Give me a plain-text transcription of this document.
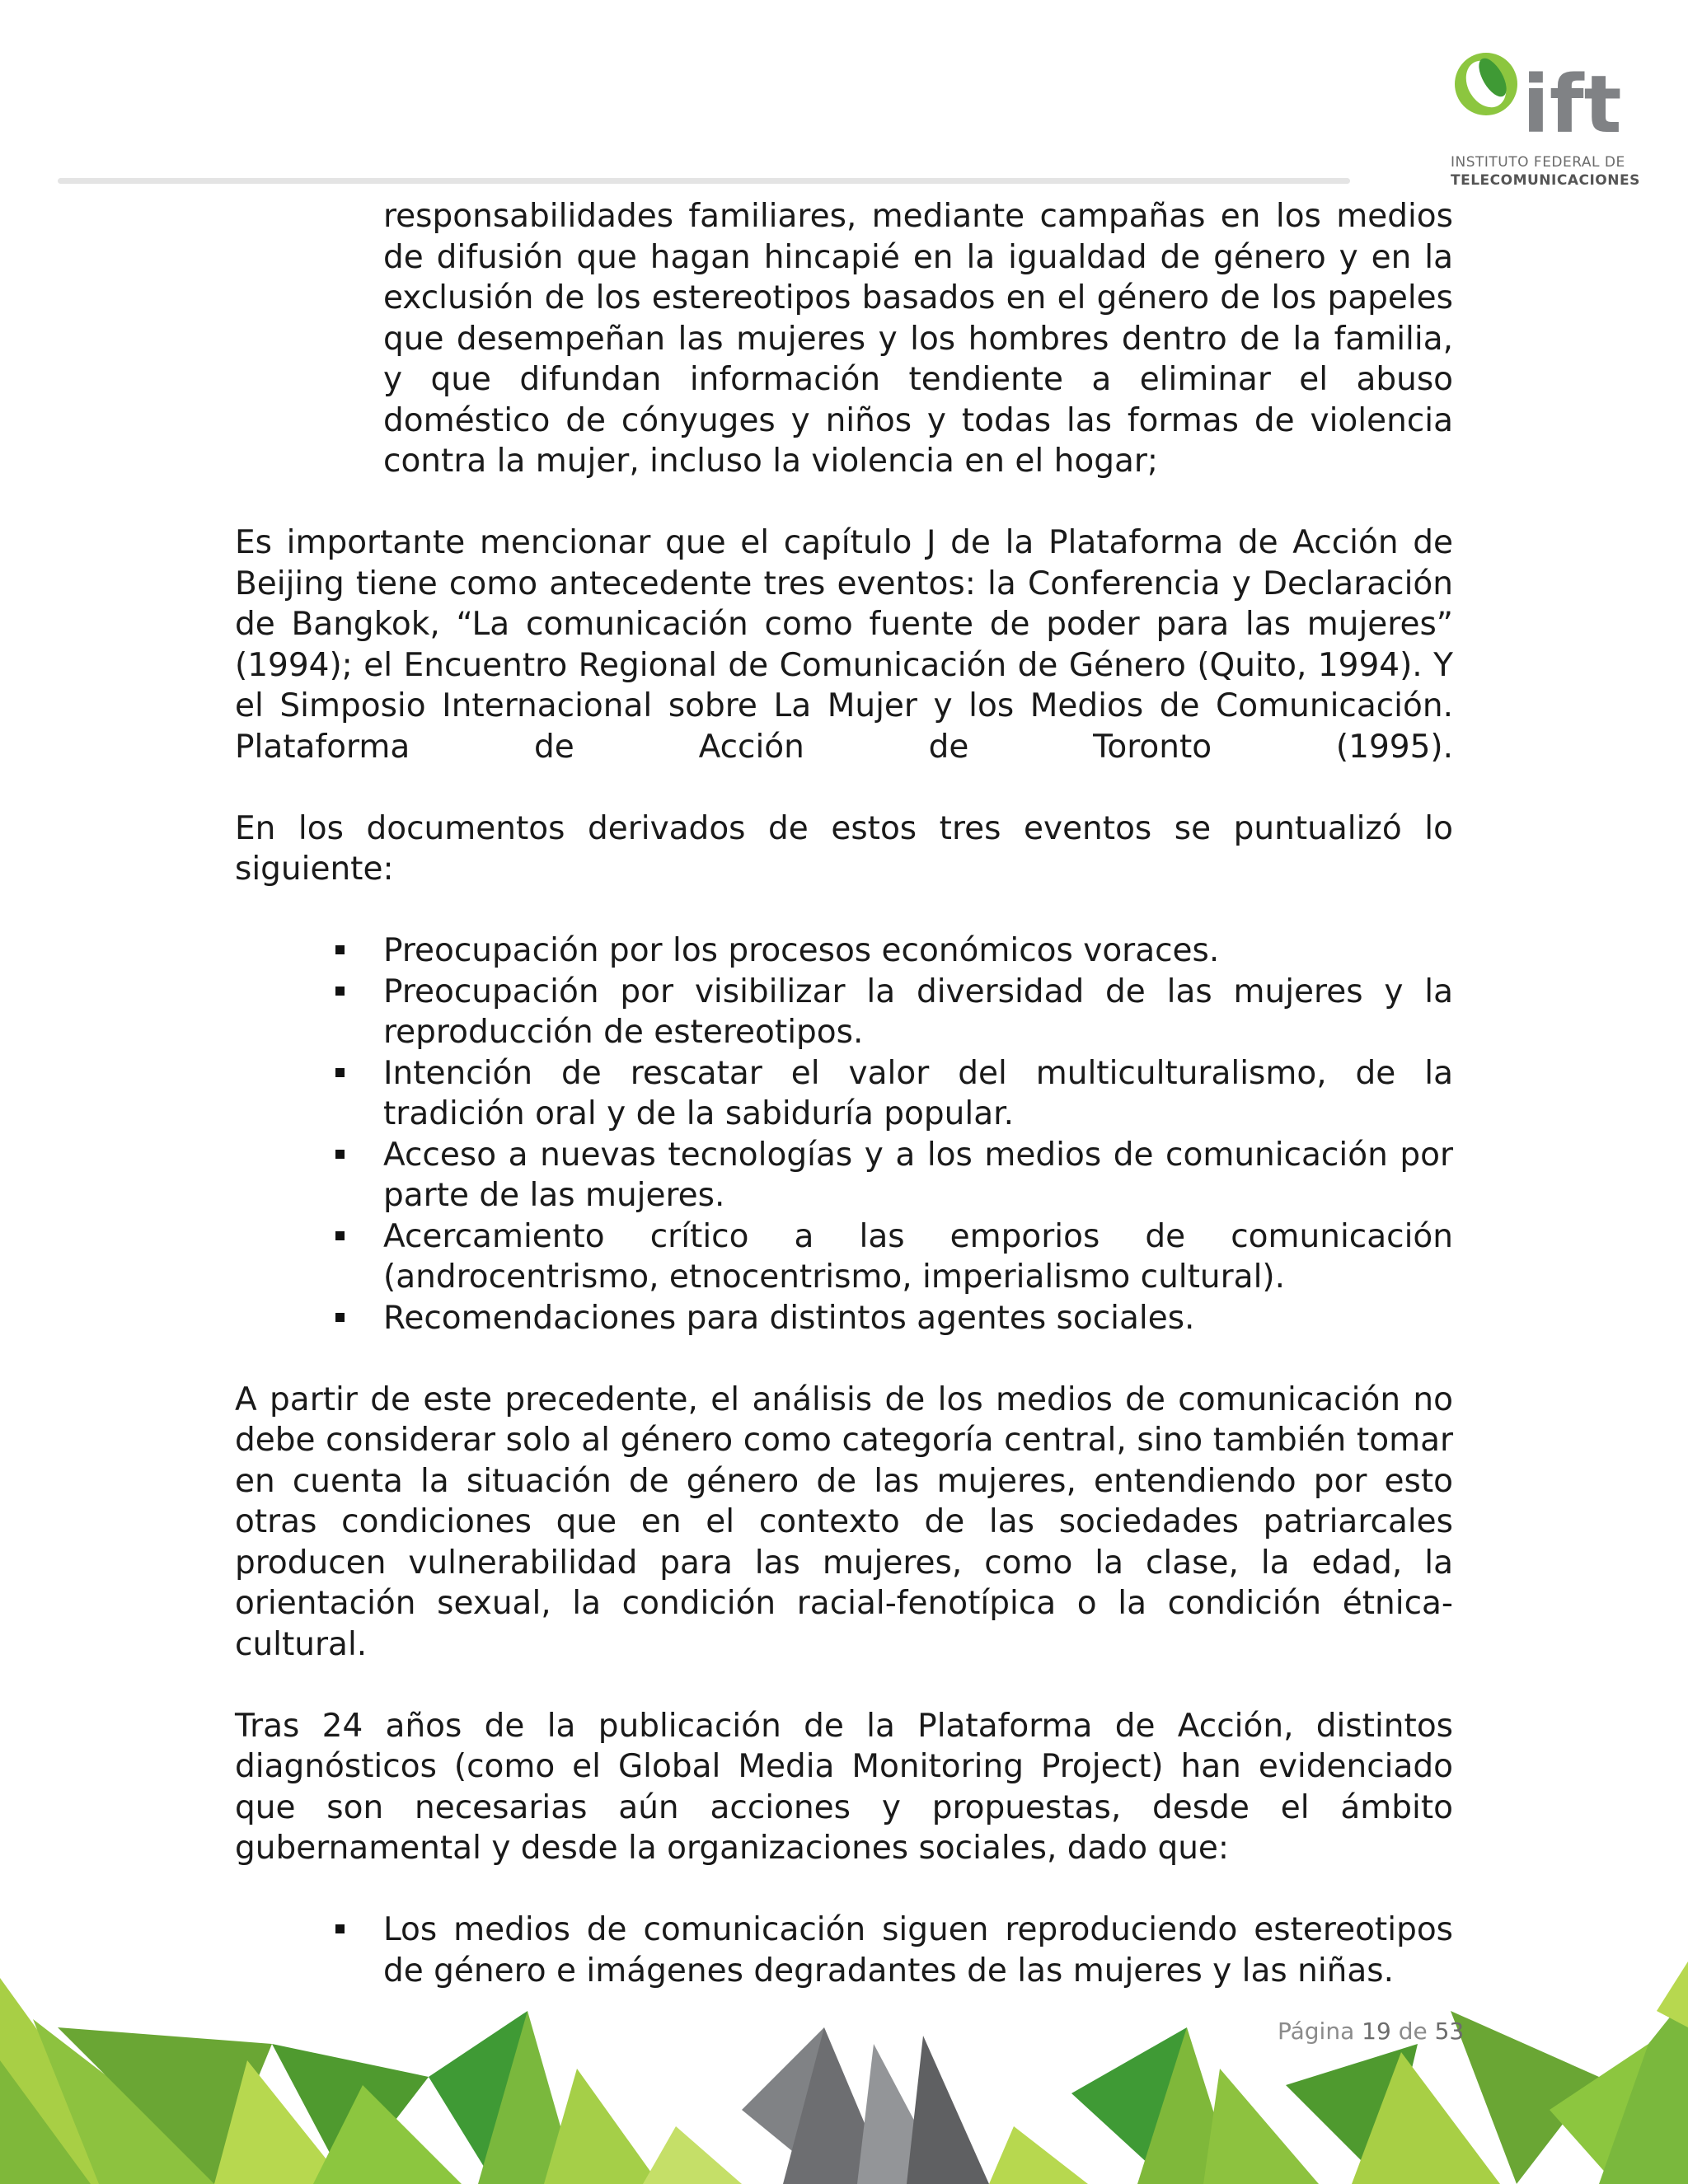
ift
INSTITUTO FEDERAL DE
TELECOMUNICACIONES

responsabilidades familiares, mediante campañas en los medios de difusión que hagan hincapié en la igualdad de género y en la exclusión de los estereotipos basados en el género de los papeles que desempeñan las mujeres y los hombres dentro de la familia, y que difundan información tendiente a eliminar el abuso doméstico de cónyuges y niños y todas las formas de violencia contra la mujer, incluso la violencia en el hogar;

Es importante mencionar que el capítulo J de la Plataforma de Acción de Beijing tiene como antecedente tres eventos: la Conferencia y Declaración de Bangkok, “La comunicación como fuente de poder para las mujeres” (1994); el Encuentro Regional de Comunicación de Género (Quito, 1994). Y el Simposio Internacional sobre La Mujer y los Medios de Comunicación. Plataforma de Acción de Toronto (1995).

En los documentos derivados de estos tres eventos se puntualizó lo siguiente:

Preocupación por los procesos económicos voraces.
Preocupación por visibilizar la diversidad de las mujeres y la reproducción de estereotipos.
Intención de rescatar el valor del multiculturalismo, de la tradición oral y de la sabiduría popular.
Acceso a nuevas tecnologías y a los medios de comunicación por parte de las mujeres.
Acercamiento crítico a las emporios de comunicación (androcentrismo, etnocentrismo, imperialismo cultural).
Recomendaciones para distintos agentes sociales.

A partir de este precedente, el análisis de los medios de comunicación no debe considerar solo al género como categoría central, sino también tomar en cuenta la situación de género de las mujeres, entendiendo por esto otras condiciones que en el contexto de las sociedades patriarcales producen vulnerabilidad para las mujeres, como la clase, la edad, la orientación sexual, la condición racial-fenotípica o la condición étnica-cultural.

Tras 24 años de la publicación de la Plataforma de Acción, distintos diagnósticos (como el Global Media Monitoring Project) han evidenciado que son necesarias aún acciones y propuestas, desde el ámbito gubernamental y desde la organizaciones sociales, dado que:

Los medios de comunicación siguen reproduciendo estereotipos de género e imágenes degradantes de las mujeres y las niñas.
Página 19 de 53
